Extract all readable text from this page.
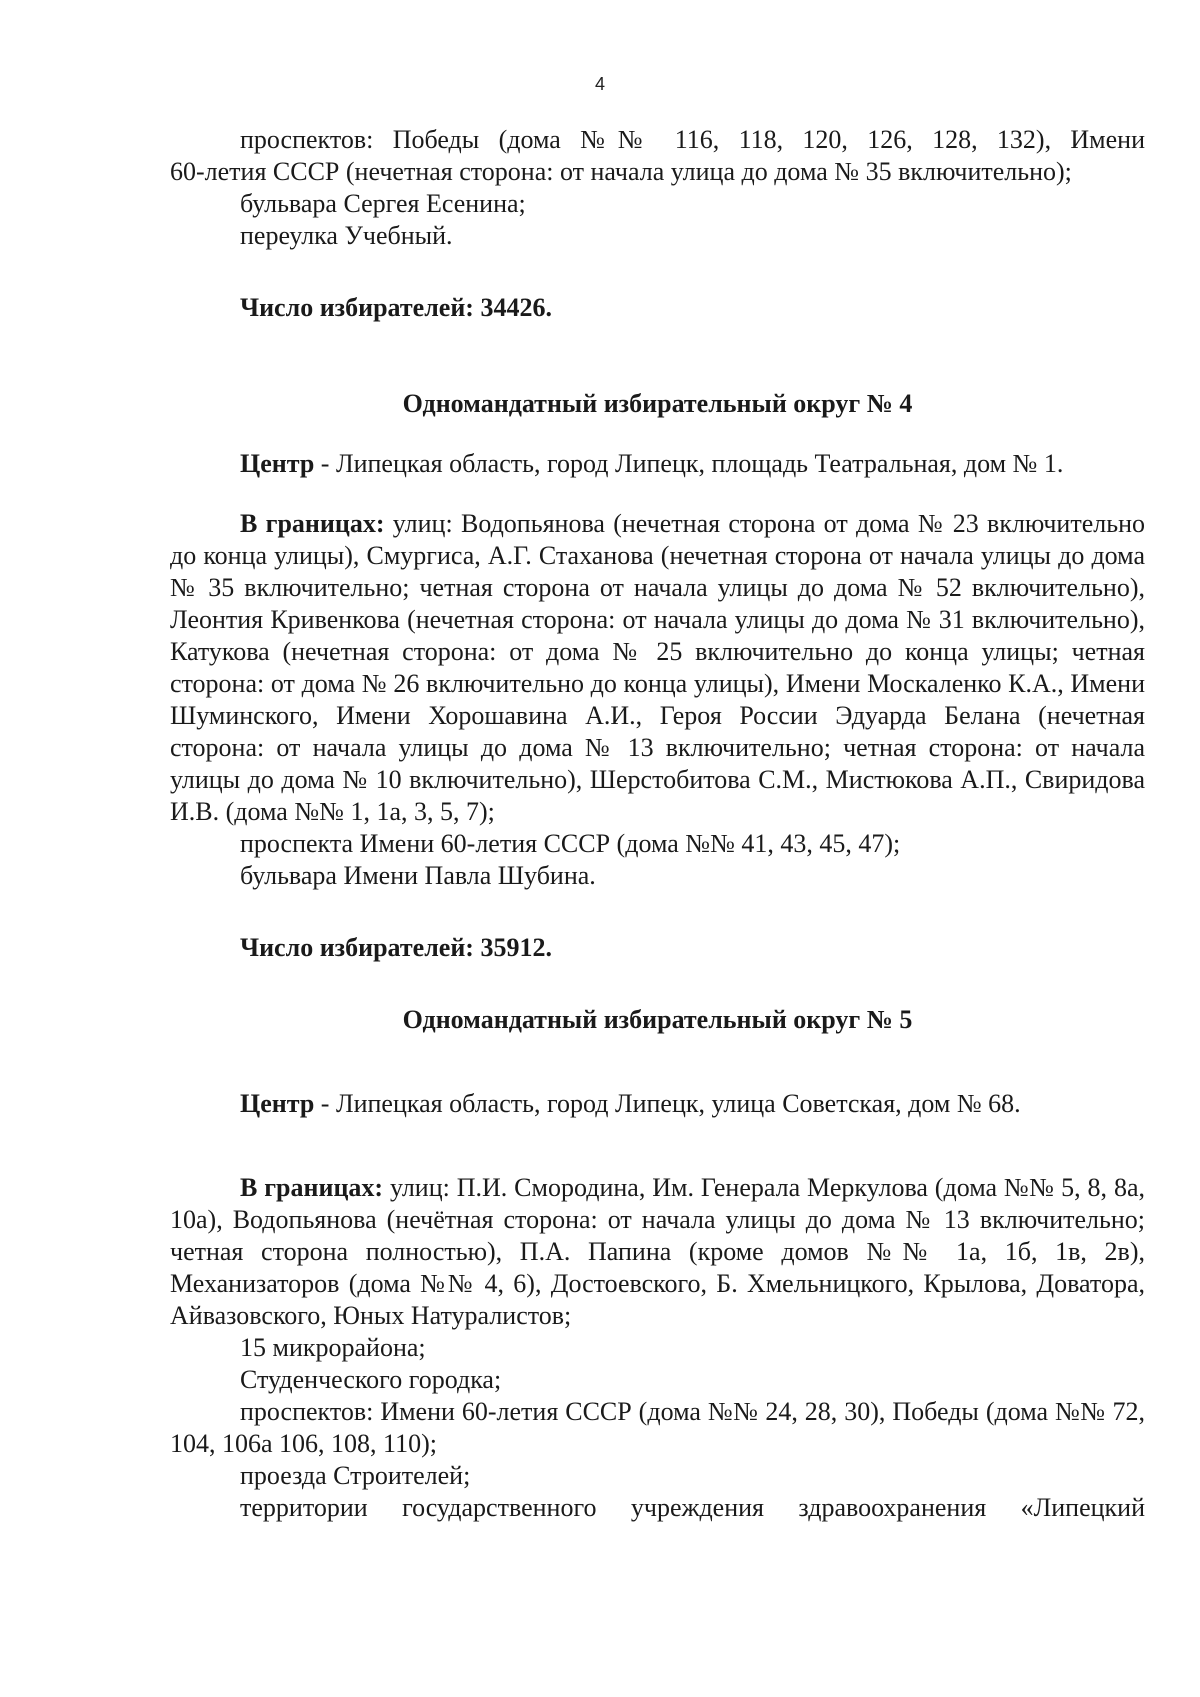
4
проспектов: Победы (дома №№ 116, 118, 120, 126, 128, 132), Имени
60-летия СССР (нечетная сторона: от начала улица до дома № 35 включительно);
бульвара Сергея Есенина;
переулка Учебный.
Число избирателей: 34426.

Одномандатный избирательный округ № 4

Центр - Липецкая область, город Липецк, площадь Театральная, дом № 1.

В границах: улиц: Водопьянова (нечетная сторона от дома № 23 включительно до конца улицы), Смургиса, А.Г. Стаханова (нечетная сторона от начала улицы до дома № 35 включительно; четная сторона от начала улицы до дома № 52 включительно), Леонтия Кривенкова (нечетная сторона: от начала улицы до дома № 31 включительно), Катукова (нечетная сторона: от дома № 25 включительно до конца улицы; четная сторона: от дома № 26 включительно до конца улицы), Имени Москаленко К.А., Имени Шуминского, Имени Хорошавина А.И., Героя России Эдуарда Белана (нечетная сторона: от начала улицы до дома № 13 включительно; четная сторона: от начала улицы до дома № 10 включительно), Шерстобитова С.М., Мистюкова А.П., Свиридова И.В. (дома №№ 1, 1а, 3, 5, 7);

проспекта Имени 60-летия СССР (дома №№ 41, 43, 45, 47);
бульвара Имени Павла Шубина.
Число избирателей: 35912.

Одномандатный избирательный округ № 5

Центр - Липецкая область, город Липецк, улица Советская, дом № 68.

В границах: улиц: П.И. Смородина, Им. Генерала Меркулова (дома №№ 5, 8, 8а, 10а), Водопьянова (нечётная сторона: от начала улицы до дома № 13 включительно; четная сторона полностью), П.А. Папина (кроме домов №№ 1а, 1б, 1в, 2в), Механизаторов (дома №№ 4, 6), Достоевского, Б. Хмельницкого, Крылова, Доватора, Айвазовского, Юных Натуралистов;

15 микрорайона;
Студенческого городка;

проспектов: Имени 60-летия СССР (дома №№ 24, 28, 30), Победы (дома №№ 72, 104, 106а 106, 108, 110);

проезда Строителей;
территории государственного учреждения здравоохранения «Липецкий
